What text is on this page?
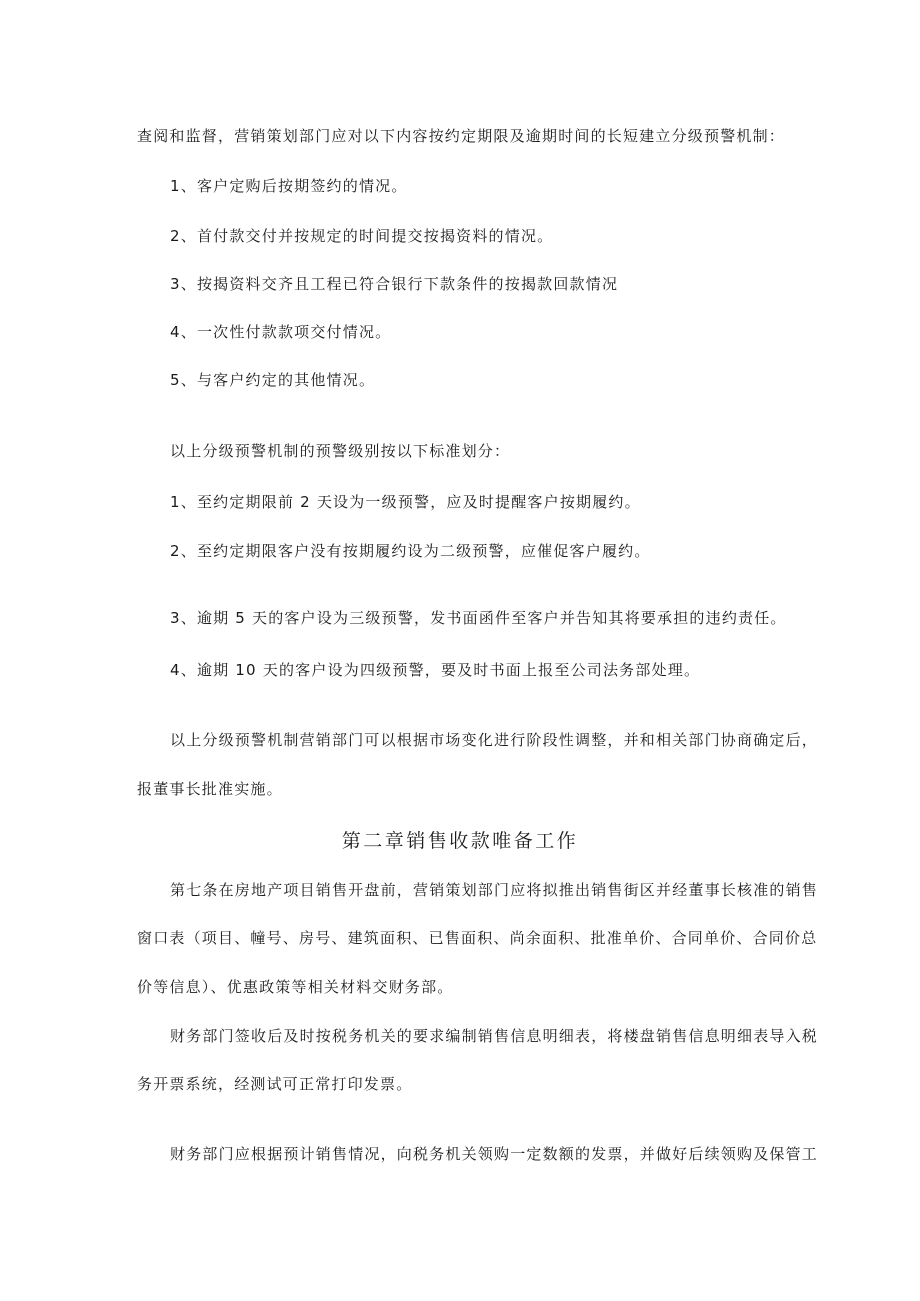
查阅和监督，营销策划部门应对以下内容按约定期限及逾期时间的长短建立分级预警机制：
1、客户定购后按期签约的情况。
2、首付款交付并按规定的时间提交按揭资料的情况。
3、按揭资料交齐且工程已符合银行下款条件的按揭款回款情况
4、一次性付款款项交付情况。
5、与客户约定的其他情况。
以上分级预警机制的预警级别按以下标准划分：
1、至约定期限前 2 天设为一级预警，应及时提醒客户按期履约。
2、至约定期限客户没有按期履约设为二级预警，应催促客户履约。
3、逾期 5 天的客户设为三级预警，发书面函件至客户并告知其将要承担的违约责任。
4、逾期 10 天的客户设为四级预警，要及时书面上报至公司法务部处理。
以上分级预警机制营销部门可以根据市场变化进行阶段性调整，并和相关部门协商确定后，
报董事长批准实施。
第二章销售收款唯备工作
第七条在房地产项目销售开盘前，营销策划部门应将拟推出销售街区并经董事长核准的销售
窗口表（项目、幢号、房号、建筑面积、已售面积、尚余面积、批准单价、合同单价、合同价总
价等信息）、优惠政策等相关材料交财务部。
财务部门签收后及时按税务机关的要求编制销售信息明细表，将楼盘销售信息明细表导入税
务开票系统，经测试可正常打印发票。
财务部门应根据预计销售情况，向税务机关领购一定数额的发票，并做好后续领购及保管工
